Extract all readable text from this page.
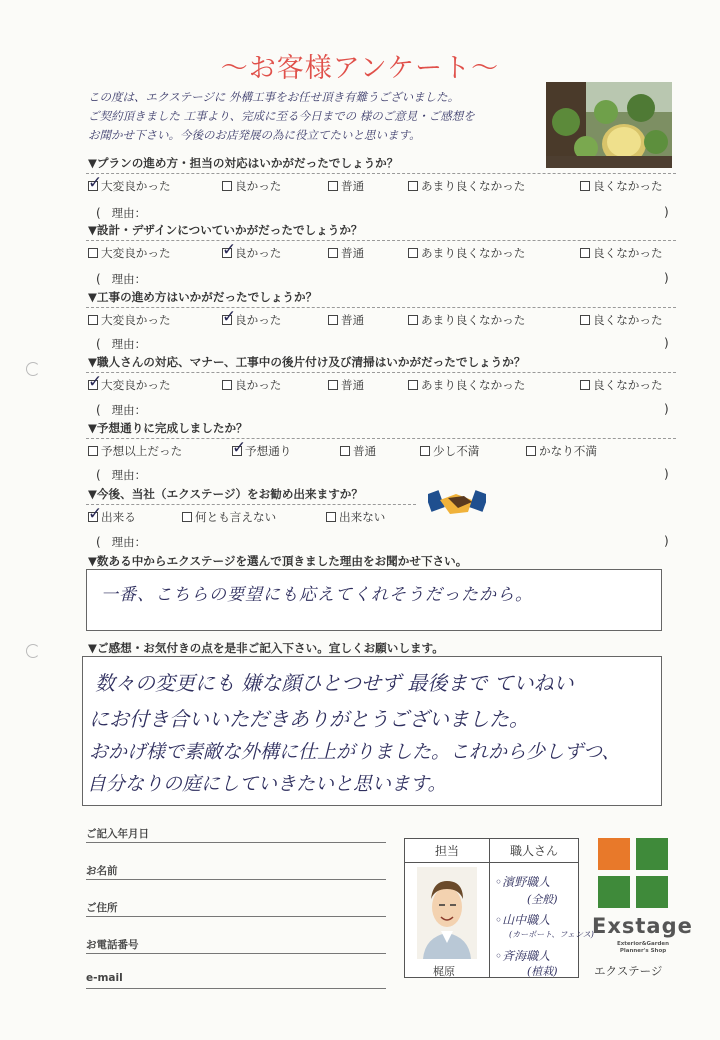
〜お客様アンケート〜
この度は、エクステージに 外構工事をお任せ頂き有難うございました。
ご契約頂きました 工事より、完成に至る今日までの 様のご意見・ご感想を
お聞かせ下さい。今後のお店発展の為に役立てたいと思います。
▼プランの進め方・担当の対応はいかがだったでしょうか？
✓大変良かった	良かった	普通	あまり良くなかった	良くなかった
( 理由：	)
▼設計・デザインについていかがだったでしょうか？
大変良かった ✓	良かった	普通	あまり良くなかった	良くなかった
( 理由：	)
▼工事の進め方はいかがだったでしょうか？
大変良かった ✓	良かった	普通	あまり良くなかった	良くなかった
( 理由：	)
▼職人さんの対応、マナー、工事中の後片付け及び清掃はいかがだったでしょうか？
✓大変良かった	良かった	普通	あまり良くなかった	良くなかった
( 理由：	)
▼予想通りに完成しましたか？
予想以上だった ✓	予想通り	普通	少し不満	かなり不満
( 理由：	)
▼今後、当社（エクステージ）をお勧め出来ますか？
✓出来る	何とも言えない	出来ない
( 理由：	)
▼数ある中からエクステージを選んで頂きました理由をお聞かせ下さい。
一番、こちらの要望にも応えてくれそうだったから。
▼ご感想・お気付きの点を是非ご記入下さい。宜しくお願いします。
数々の変更にも 嫌な顔ひとつせず 最後まで ていねい
にお付き合いいただきありがとうございました。
おかげ様で素敵な外構に仕上がりました。これから少しずつ、
自分なりの庭にしていきたいと思います。
ご記入年月日
お名前
ご住所
お電話番号
e-mail
担当	職人さん
梶原
◦濱野職人
(全般)
◦山中職人
(カーポート、フェンス)
◦斉海職人
(植栽)
Exstage
Exterior&Garden
Planner's Shop
エクステージ
